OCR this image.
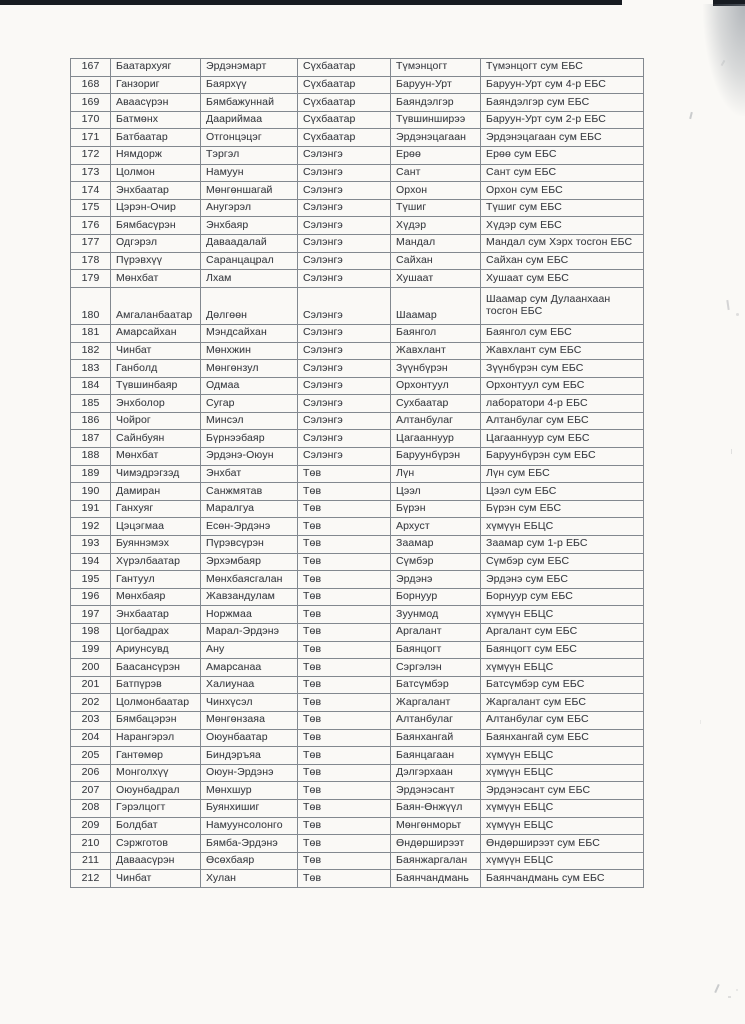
167	Баатархуяг	Эрдэнэмарт	Сүхбаатар	Түмэнцогт	Түмэнцогт сум ЕБС
168	Ганзориг	Баярхүү	Сүхбаатар	Баруун-Урт	Баруун-Урт сум 4-р ЕБС
169	Аваасүрэн	Бямбажуннай	Сүхбаатар	Баяндэлгэр	Баяндэлгэр сум ЕБС
170	Батмөнх	Даариймаа	Сүхбаатар	Түвшинширээ	Баруун-Урт сум 2-р ЕБС
171	Батбаатар	Отгонцэцэг	Сүхбаатар	Эрдэнэцагаан	Эрдэнэцагаан сум ЕБС
172	Нямдорж	Тэргэл	Сэлэнгэ	Ерөө	Ерөө сум ЕБС
173	Цолмон	Намуун	Сэлэнгэ	Сант	Сант сум ЕБС
174	Энхбаатар	Мөнгөншагай	Сэлэнгэ	Орхон	Орхон сум ЕБС
175	Цэрэн-Очир	Анугэрэл	Сэлэнгэ	Түшиг	Түшиг сум ЕБС
176	Бямбасүрэн	Энхбаяр	Сэлэнгэ	Хүдэр	Хүдэр сум ЕБС
177	Одгэрэл	Даваадалай	Сэлэнгэ	Мандал	Мандал сум Хэрх тосгон ЕБС
178	Пүрэвхүү	Саранцацрал	Сэлэнгэ	Сайхан	Сайхан сум ЕБС
179	Мөнхбат	Лхам	Сэлэнгэ	Хушаат	Хушаат сум ЕБС
180	Амгаланбаатар	Дөлгөөн	Сэлэнгэ	Шаамар	Шаамар сум Дулаанхаан тосгон ЕБС
181	Амарсайхан	Мэндсайхан	Сэлэнгэ	Баянгол	Баянгол сум ЕБС
182	Чинбат	Мөнхжин	Сэлэнгэ	Жавхлант	Жавхлант сум ЕБС
183	Ганболд	Мөнгөнзул	Сэлэнгэ	Зүүнбүрэн	Зүүнбүрэн сум ЕБС
184	Түвшинбаяр	Одмаа	Сэлэнгэ	Орхонтуул	Орхонтуул сум ЕБС
185	Энхболор	Сугар	Сэлэнгэ	Сухбаатар	лаборатори 4-р ЕБС
186	Чойрог	Минсэл	Сэлэнгэ	Алтанбулаг	Алтанбулаг сум ЕБС
187	Сайнбуян	Бүрнээбаяр	Сэлэнгэ	Цагааннуур	Цагааннуур сум ЕБС
188	Мөнхбат	Эрдэнэ-Оюун	Сэлэнгэ	Баруунбүрэн	Баруунбүрэн сум ЕБС
189	Чимэдрэгзэд	Энхбат	Төв	Лүн	Лүн сум ЕБС
190	Дамиран	Санжмятав	Төв	Цээл	Цээл сум ЕБС
191	Ганхуяг	Маралгуа	Төв	Бүрэн	Бүрэн сум ЕБС
192	Цэцэгмаа	Есөн-Эрдэнэ	Төв	Архуст	хүмүүн ЕБЦС
193	Буяннэмэх	Пүрэвсүрэн	Төв	Заамар	Заамар сум 1-р ЕБС
194	Хүрэлбаатар	Эрхэмбаяр	Төв	Сүмбэр	Сүмбэр сум ЕБС
195	Гантуул	Мөнхбаясгалан	Төв	Эрдэнэ	Эрдэнэ сум ЕБС
196	Мөнхбаяр	Жавзандулам	Төв	Борнуур	Борнуур сум ЕБС
197	Энхбаатар	Норжмаа	Төв	Зуунмод	хүмүүн ЕБЦС
198	Цогбадрах	Марал-Эрдэнэ	Төв	Аргалант	Аргалант сум ЕБС
199	Ариунсувд	Ану	Төв	Баянцогт	Баянцогт сум ЕБС
200	Баасансүрэн	Амарсанаа	Төв	Сэргэлэн	хүмүүн ЕБЦС
201	Батпүрэв	Халиунаа	Төв	Батсүмбэр	Батсүмбэр сум ЕБС
202	Цолмонбаатар	Чинхүсэл	Төв	Жаргалант	Жаргалант сум ЕБС
203	Бямбацэрэн	Мөнгөнзаяа	Төв	Алтанбулаг	Алтанбулаг сум ЕБС
204	Нарангэрэл	Оюунбаатар	Төв	Баянхангай	Баянхангай сум ЕБС
205	Гантөмөр	Биндэръяа	Төв	Баянцагаан	хүмүүн ЕБЦС
206	Монголхүү	Оюун-Эрдэнэ	Төв	Дэлгэрхаан	хүмүүн ЕБЦС
207	Оюунбадрал	Мөнхшур	Төв	Эрдэнэсант	Эрдэнэсант сум ЕБС
208	Гэрэлцогт	Буянхишиг	Төв	Баян-Өнжүүл	хүмүүн ЕБЦС
209	Болдбат	Намуунсолонго	Төв	Мөнгөнморьт	хүмүүн ЕБЦС
210	Сэржготов	Бямба-Эрдэнэ	Төв	Өндөрширээт	Өндөрширээт сум ЕБС
211	Даваасүрэн	Өсөхбаяр	Төв	Баянжаргалан	хүмүүн ЕБЦС
212	Чинбат	Хулан	Төв	Баянчандмань	Баянчандмань сум ЕБС
